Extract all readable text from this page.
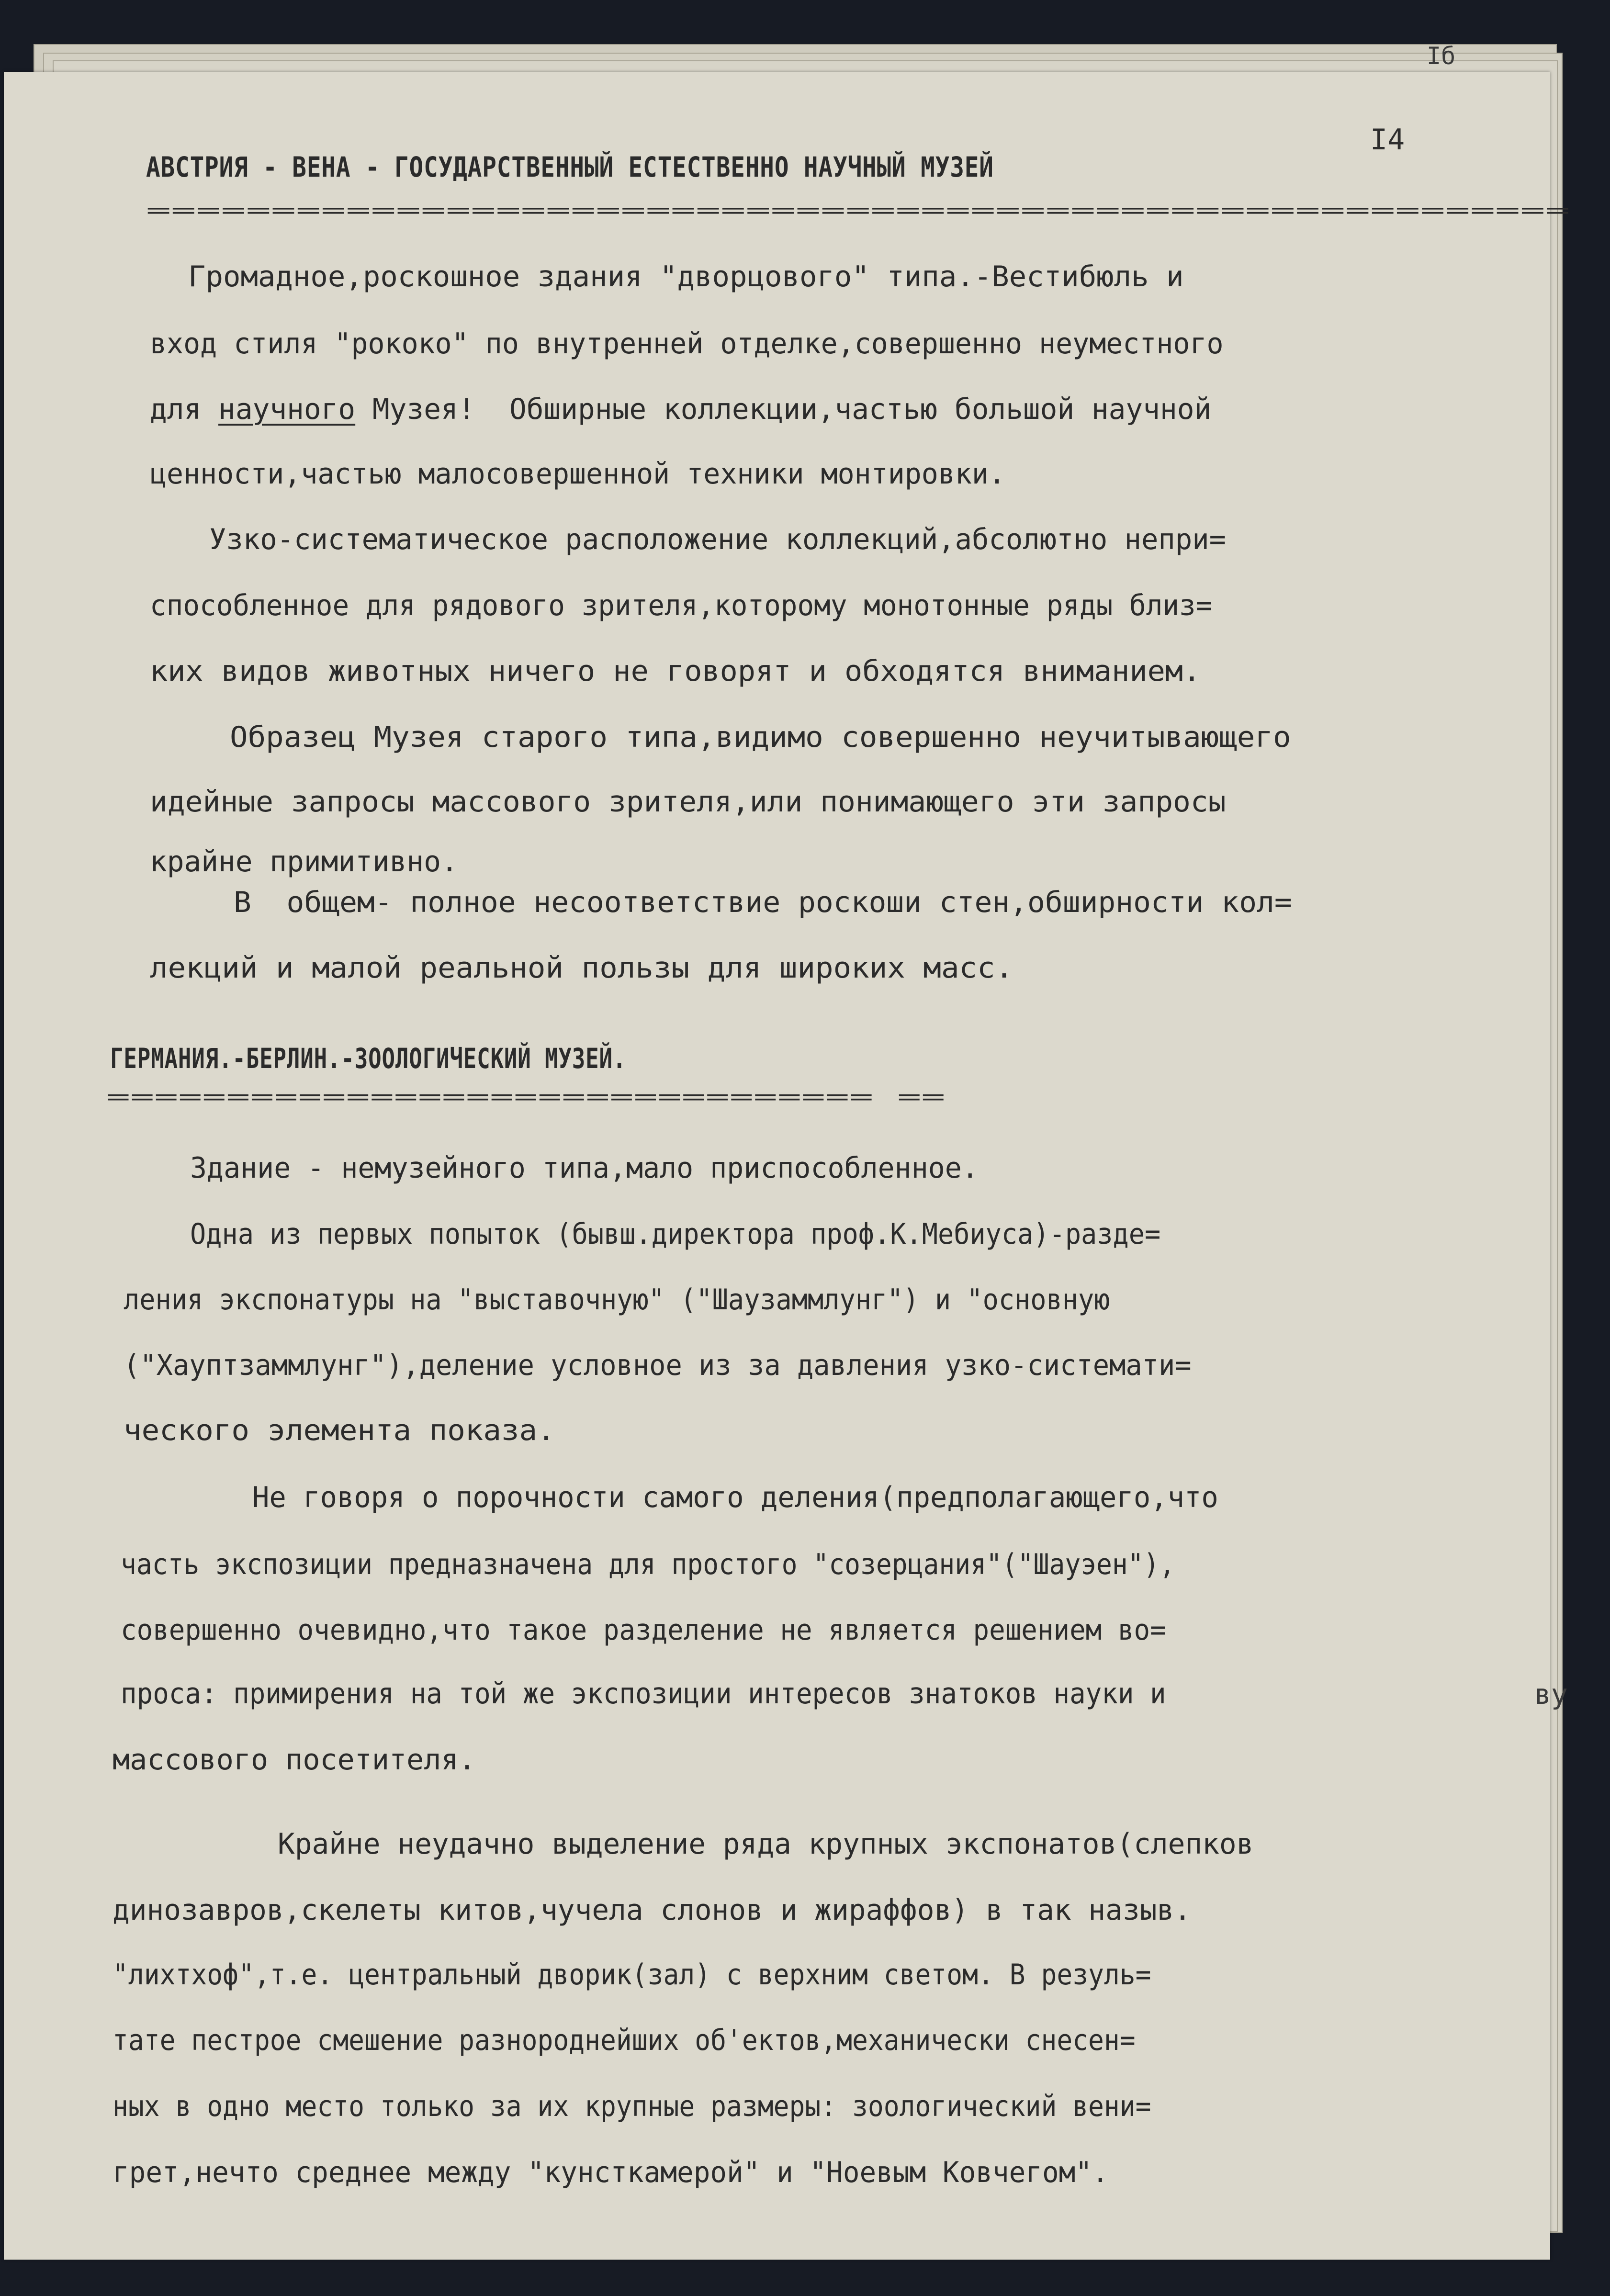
Iб

I4

АВСТРИЯ - ВЕНА - ГОСУДАРСТВЕННЫЙ ЕСТЕСТВЕННО НАУЧНЫЙ МУЗЕЙ

=========================================================

Громадное,роскошное здания "дворцового" типа.-Вестибюль и

вход стиля "рококо" по внутренней отделке,совершенно неуместного

для научного Музея!  Обширные коллекции,частью большой научной

ценности,частью малосовершенной техники монтировки.

Узко-систематическое расположение коллекций,абсолютно непри=

способленное для рядового зрителя,которому монотонные ряды близ=

ких видов животных ничего не говорят и обходятся вниманием.

Образец Музея старого типа,видимо совершенно неучитывающего

идейные запросы массового зрителя,или понимающего эти запросы

крайне примитивно.

В  общем- полное несоответствие роскоши стен,обширности кол=

лекций и малой реальной пользы для широких масс.

ГЕРМАНИЯ.-БЕРЛИН.-ЗООЛОГИЧЕСКИЙ МУЗЕЙ.

================================ ==

Здание - немузейного типа,мало приспособленное.

Одна из первых попыток (бывш.директора проф.К.Мебиуса)-разде=

ления экспонатуры на "выставочную" ("Шаузаммлунг") и "основную

("Хауптзаммлунг"),деление условное из за давления узко-системати=

ческого элемента показа.

Не говоря о порочности самого деления(предполагающего,что

часть экспозиции предназначена для простого "созерцания"("Шауэен"),

совершенно очевидно,что такое разделение не является решением во=

проса: примирения на той же экспозиции интересов знатоков науки и

массового посетителя.

Крайне неудачно выделение ряда крупных экспонатов(слепков

динозавров,скелеты китов,чучела слонов и жираффов) в так назыв.

"лихтхоф",т.е. центральный дворик(зал) с верхним светом. В резуль=

тате пестрое смешение разнороднейших об'ектов,механически снесен=

ных в одно место только за их крупные размеры: зоологический вени=

грет,нечто среднее между "кунсткамерой" и "Ноевым Ковчегом".

ву
